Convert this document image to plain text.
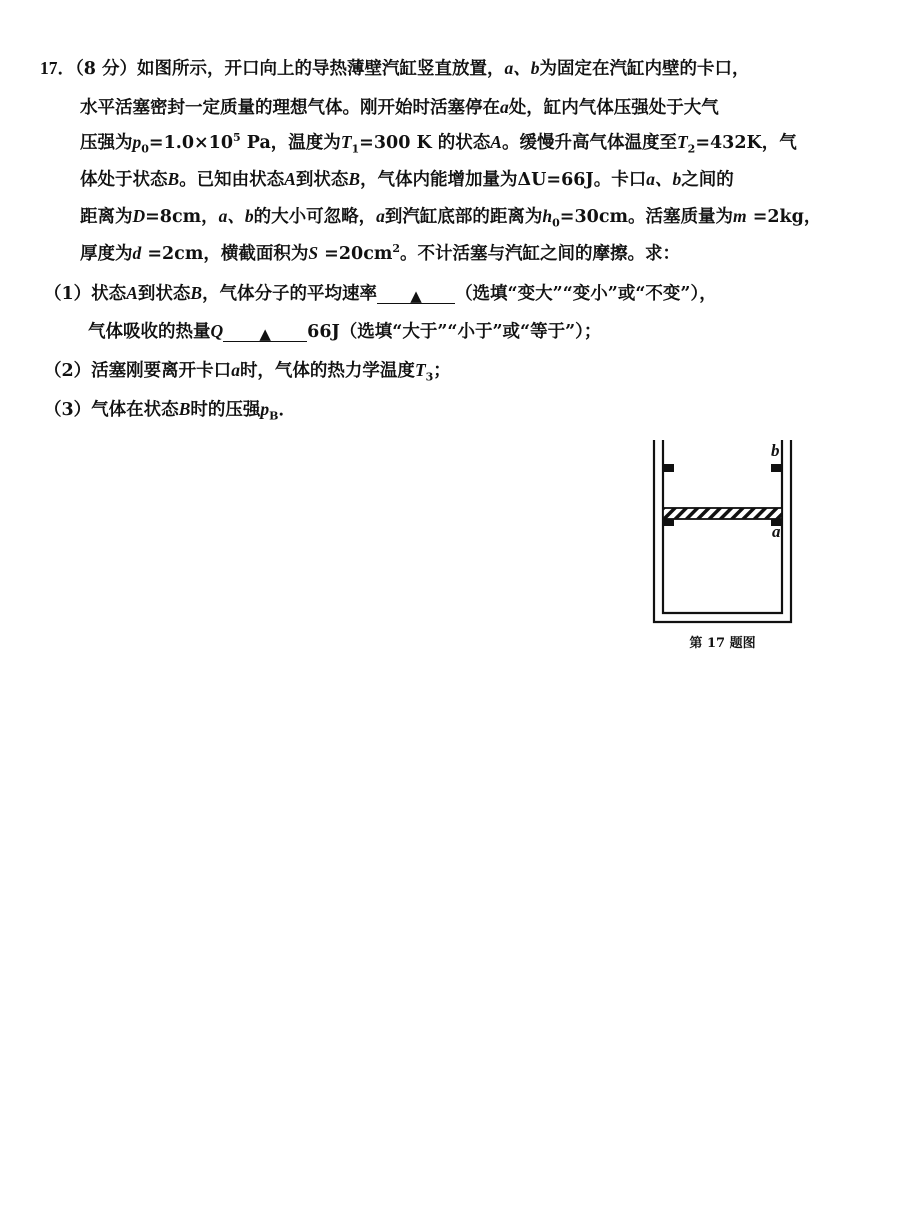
17．（8 分）如图所示，开口向上的导热薄壁汽缸竖直放置，a、b为固定在汽缸内壁的卡口，
水平活塞密封一定质量的理想气体。刚开始时活塞停在a处，缸内气体压强处于大气
压强为$p_0=1.0\times 10^5$ Pa，温度为$T_1=300$ K 的状态A。缓慢升高气体温度至$T_2=432K$，气
体处于状态B。已知由状态A到状态B，气体内能增加量为ΔU=66J。卡口a、b之间的
距离为D=8cm，a、b的大小可忽略，a到汽缸底部的距离为$h_0=30cm$。活塞质量为m =2kg，
厚度为d =2cm，横截面积为$S =20cm^2$。不计活塞与汽缸之间的摩擦。求：
（1）状态A到状态B，气体分子的平均速率 ▲ （选填“变大”“变小”或“不变”），
气体吸收的热量Q ▲ 66J（选填“大于”“小于”或“等于”）；
（2）活塞刚要离开卡口a时，气体的热力学温度$T_3$；
（3）气体在状态B时的压强$p_B$．
b
a
第 17 题图
